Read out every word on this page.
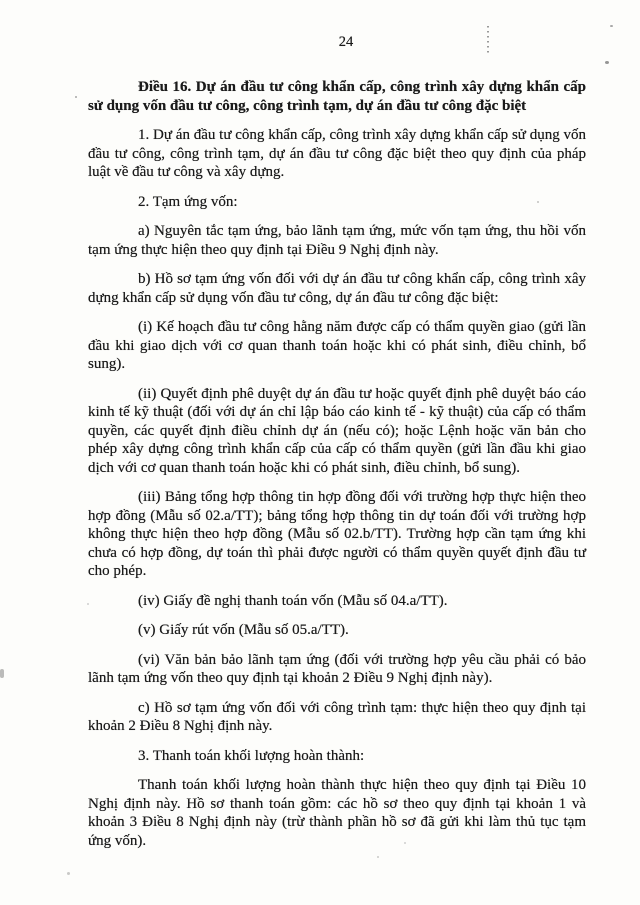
24
Điều 16. Dự án đầu tư công khẩn cấp, công trình xây dựng khẩn cấp
sử dụng vốn đầu tư công, công trình tạm, dự án đầu tư công đặc biệt

1. Dự án đầu tư công khẩn cấp, công trình xây dựng khẩn cấp sử dụng vốn đầu tư công, công trình tạm, dự án đầu tư công đặc biệt theo quy định của pháp luật về đầu tư công và xây dựng.

2. Tạm ứng vốn:

a) Nguyên tắc tạm ứng, bảo lãnh tạm ứng, mức vốn tạm ứng, thu hồi vốn tạm ứng thực hiện theo quy định tại Điều 9 Nghị định này.

b) Hồ sơ tạm ứng vốn đối với dự án đầu tư công khẩn cấp, công trình xây dựng khẩn cấp sử dụng vốn đầu tư công, dự án đầu tư công đặc biệt:

(i) Kế hoạch đầu tư công hằng năm được cấp có thẩm quyền giao (gửi lần đầu khi giao dịch với cơ quan thanh toán hoặc khi có phát sinh, điều chỉnh, bổ sung).

(ii) Quyết định phê duyệt dự án đầu tư hoặc quyết định phê duyệt báo cáo kinh tế kỹ thuật (đối với dự án chỉ lập báo cáo kinh tế - kỹ thuật) của cấp có thẩm quyền, các quyết định điều chỉnh dự án (nếu có); hoặc Lệnh hoặc văn bản cho phép xây dựng công trình khẩn cấp của cấp có thẩm quyền (gửi lần đầu khi giao dịch với cơ quan thanh toán hoặc khi có phát sinh, điều chỉnh, bổ sung).

(iii) Bảng tổng hợp thông tin hợp đồng đối với trường hợp thực hiện theo hợp đồng (Mẫu số 02.a/TT); bảng tổng hợp thông tin dự toán đối với trường hợp không thực hiện theo hợp đồng (Mẫu số 02.b/TT). Trường hợp cần tạm ứng khi chưa có hợp đồng, dự toán thì phải được người có thẩm quyền quyết định đầu tư cho phép.

(iv) Giấy đề nghị thanh toán vốn (Mẫu số 04.a/TT).

(v) Giấy rút vốn (Mẫu số 05.a/TT).

(vi) Văn bản bảo lãnh tạm ứng (đối với trường hợp yêu cầu phải có bảo lãnh tạm ứng vốn theo quy định tại khoản 2 Điều 9 Nghị định này).

c) Hồ sơ tạm ứng vốn đối với công trình tạm: thực hiện theo quy định tại khoản 2 Điều 8 Nghị định này.

3. Thanh toán khối lượng hoàn thành:

Thanh toán khối lượng hoàn thành thực hiện theo quy định tại Điều 10 Nghị định này. Hồ sơ thanh toán gồm: các hồ sơ theo quy định tại khoản 1 và khoản 3 Điều 8 Nghị định này (trừ thành phần hồ sơ đã gửi khi làm thủ tục tạm ứng vốn).
